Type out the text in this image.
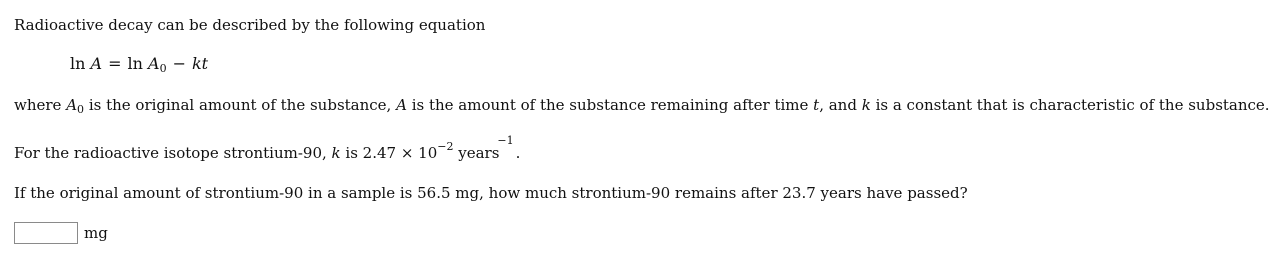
Radioactive decay can be described by the following equation
$\ln A = \ln A_0$ − kt
where $A_0$ is the original amount of the substance, A is the amount of the substance remaining after time t, and k is a constant that is characteristic of the substance.
For the radioactive isotope strontium-90, k is $2.47 \times 10^{-2}$ years$^{-1}$.
If the original amount of strontium-90 in a sample is 56.5 mg, how much strontium-90 remains after 23.7 years have passed?
mg
